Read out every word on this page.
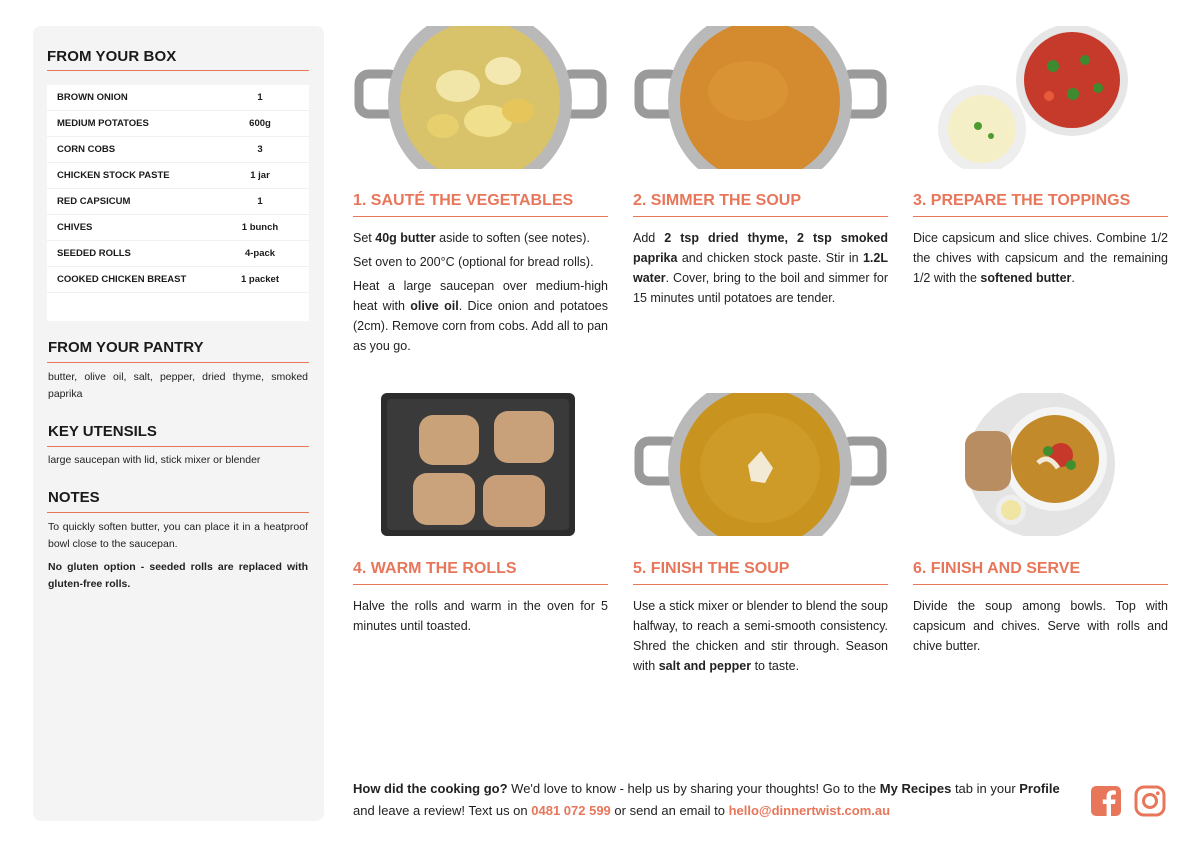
FROM YOUR BOX
BROWN ONION	1
MEDIUM POTATOES	600g
CORN COBS	3
CHICKEN STOCK PASTE	1 jar
RED CAPSICUM	1
CHIVES	1 bunch
SEEDED ROLLS	4-pack
COOKED CHICKEN BREAST	1 packet
FROM YOUR PANTRY
butter, olive oil, salt, pepper, dried thyme, smoked paprika
KEY UTENSILS
large saucepan with lid, stick mixer or blender
NOTES
To quickly soften butter, you can place it in a heatproof bowl close to the saucepan.
No gluten option - seeded rolls are replaced with gluten-free rolls.
1. SAUTÉ THE VEGETABLES

Set 40g butter aside to soften (see notes).

Set oven to 200°C (optional for bread rolls).

Heat a large saucepan over medium-high heat with olive oil. Dice onion and potatoes (2cm). Remove corn from cobs. Add all to pan as you go.

2. SIMMER THE SOUP

Add 2 tsp dried thyme, 2 tsp smoked paprika and chicken stock paste. Stir in 1.2L water. Cover, bring to the boil and simmer for 15 minutes until potatoes are tender.

3. PREPARE THE TOPPINGS

Dice capsicum and slice chives. Combine 1/2 the chives with capsicum and the remaining 1/2 with the softened butter.

4. WARM THE ROLLS

Halve the rolls and warm in the oven for 5 minutes until toasted.

5. FINISH THE SOUP

Use a stick mixer or blender to blend the soup halfway, to reach a semi-smooth consistency. Shred the chicken and stir through. Season with salt and pepper to taste.

6. FINISH AND SERVE

Divide the soup among bowls. Top with capsicum and chives. Serve with rolls and chive butter.

How did the cooking go? We'd love to know - help us by sharing your thoughts! Go to the My Recipes tab in your Profile and leave a review! Text us on 0481 072 599 or send an email to hello@dinnertwist.com.au
